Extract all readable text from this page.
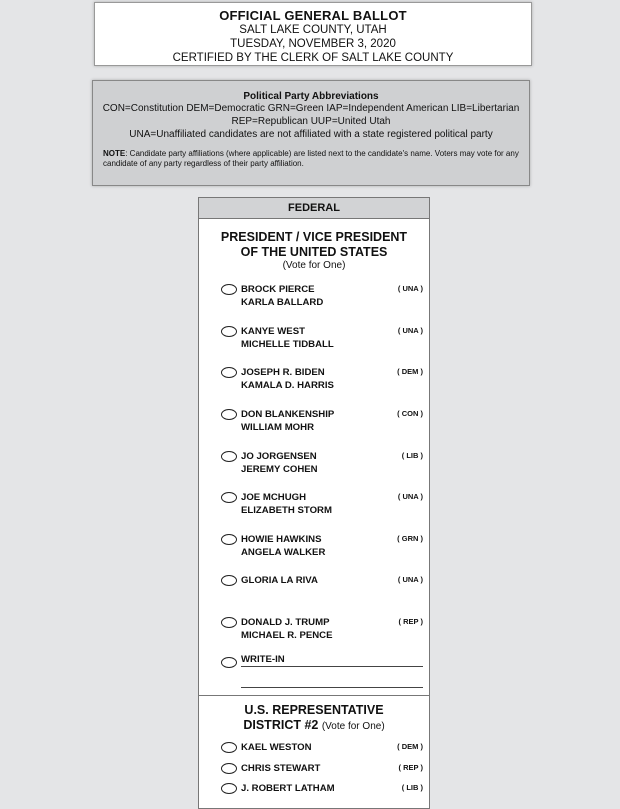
OFFICIAL GENERAL BALLOT
SALT LAKE COUNTY, UTAH
TUESDAY, NOVEMBER 3, 2020
CERTIFIED BY THE CLERK OF SALT LAKE COUNTY
Political Party Abbreviations
CON=Constitution DEM=Democratic GRN=Green IAP=Independent American LIB=Libertarian
REP=Republican UUP=United Utah
UNA=Unaffiliated candidates are not affiliated with a state registered political party
NOTE: Candidate party affiliations (where applicable) are listed next to the candidate's name. Voters may vote for any candidate of any party regardless of their party affiliation.
FEDERAL
PRESIDENT / VICE PRESIDENT
OF THE UNITED STATES
(Vote for One)
BROCK PIERCE
KARLA BALLARD
( UNA )
KANYE WEST
MICHELLE TIDBALL
( UNA )
JOSEPH R. BIDEN
KAMALA D. HARRIS
( DEM )
DON BLANKENSHIP
WILLIAM MOHR
( CON )
JO JORGENSEN
JEREMY COHEN
( LIB )
JOE MCHUGH
ELIZABETH STORM
( UNA )
HOWIE HAWKINS
ANGELA WALKER
( GRN )
GLORIA LA RIVA	( UNA )
DONALD J. TRUMP
MICHAEL R. PENCE
( REP )
WRITE-IN
U.S. REPRESENTATIVE
DISTRICT #2 (Vote for One)
KAEL WESTON	( DEM )
CHRIS STEWART	( REP )
J. ROBERT LATHAM	( LIB )
